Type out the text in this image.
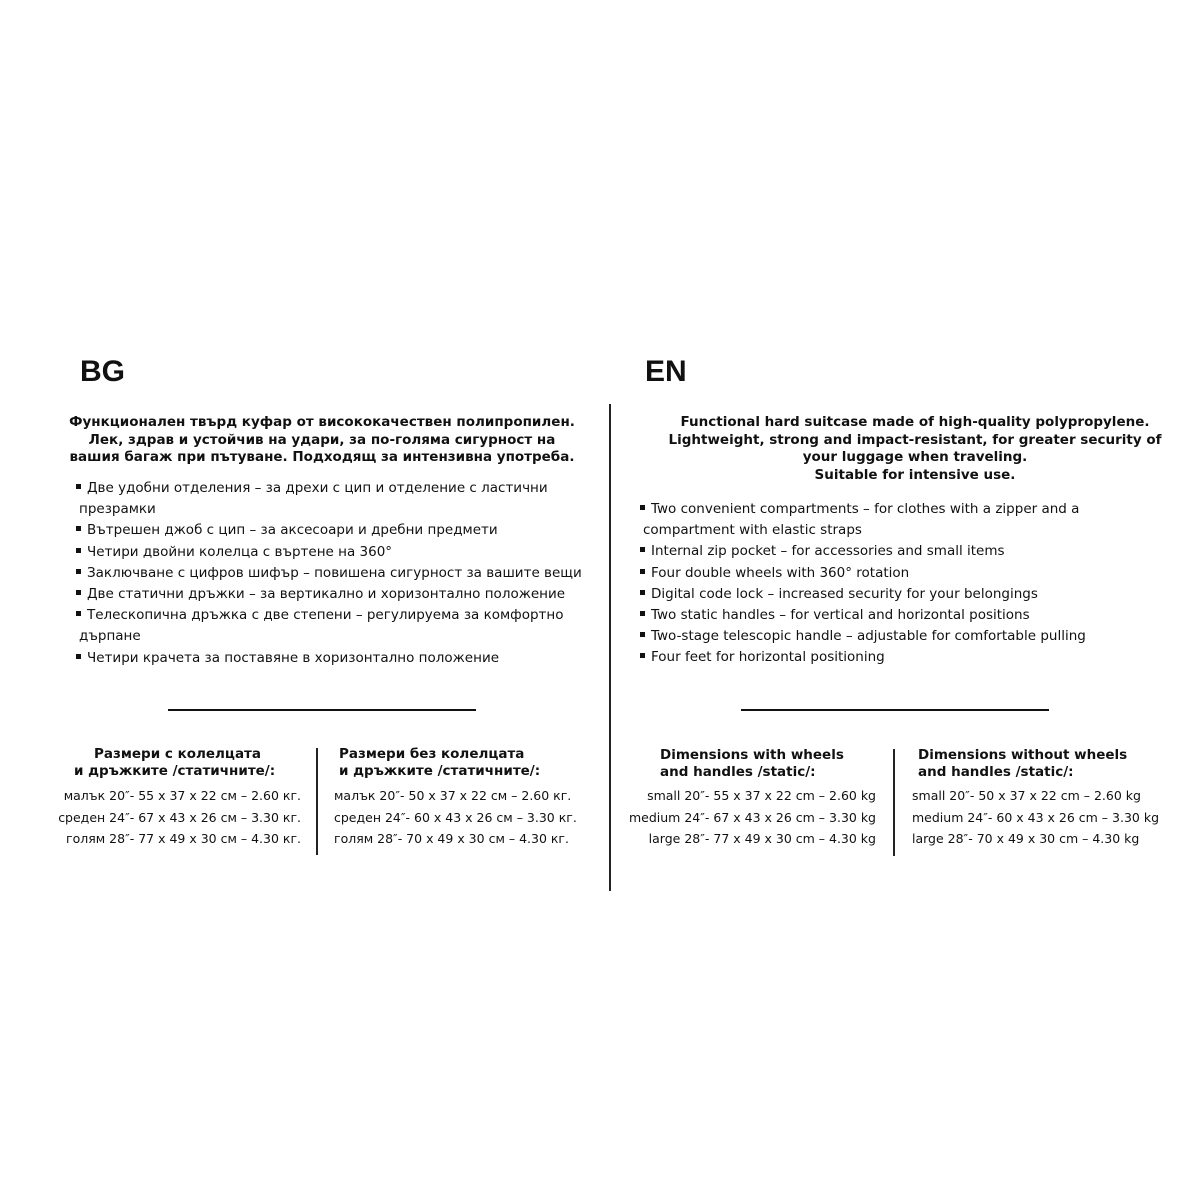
BG
Функционален твърд куфар от висококачествен полипропилен.
Лек, здрав и устойчив на удари, за по-голяма сигурност на
вашия багаж при пътуване. Подходящ за интензивна употреба.
Две удобни отделения – за дрехи с цип и отделение с ластични
презрамки
Вътрешен джоб с цип – за аксесоари и дребни предмети
Четири двойни колелца с въртене на 360°
Заключване с цифров шифър – повишена сигурност за вашите вещи
Две статични дръжки – за вертикално и хоризонтално положение
Телескопична дръжка с две степени – регулируема за комфортно
дърпане
Четири крачета за поставяне в хоризонтално положение
Размери с колелцата
и дръжките /статичните/:
малък 20″- 55 x 37 x 22 см – 2.60 кг.
среден 24″- 67 x 43 x 26 см – 3.30 кг.
голям 28″- 77 x 49 x 30 см – 4.30 кг.
Размери без колелцата
и дръжките /статичните/:
малък 20″- 50 x 37 x 22 см – 2.60 кг.
среден 24″- 60 x 43 x 26 см – 3.30 кг.
голям 28″- 70 x 49 x 30 см – 4.30 кг.
EN
Functional hard suitcase made of high-quality polypropylene.
Lightweight, strong and impact-resistant, for greater security of
your luggage when traveling.
Suitable for intensive use.
Two convenient compartments – for clothes with a zipper and a
compartment with elastic straps
Internal zip pocket – for accessories and small items
Four double wheels with 360° rotation
Digital code lock – increased security for your belongings
Two static handles – for vertical and horizontal positions
Two-stage telescopic handle – adjustable for comfortable pulling
Four feet for horizontal positioning
Dimensions with wheels
and handles /static/:
small 20″- 55 x 37 x 22 cm – 2.60 kg
medium 24″- 67 x 43 x 26 cm – 3.30 kg
large 28″- 77 x 49 x 30 cm – 4.30 kg
Dimensions without wheels
and handles /static/:
small 20″- 50 x 37 x 22 cm – 2.60 kg
medium 24″- 60 x 43 x 26 cm – 3.30 kg
large 28″- 70 x 49 x 30 cm – 4.30 kg
